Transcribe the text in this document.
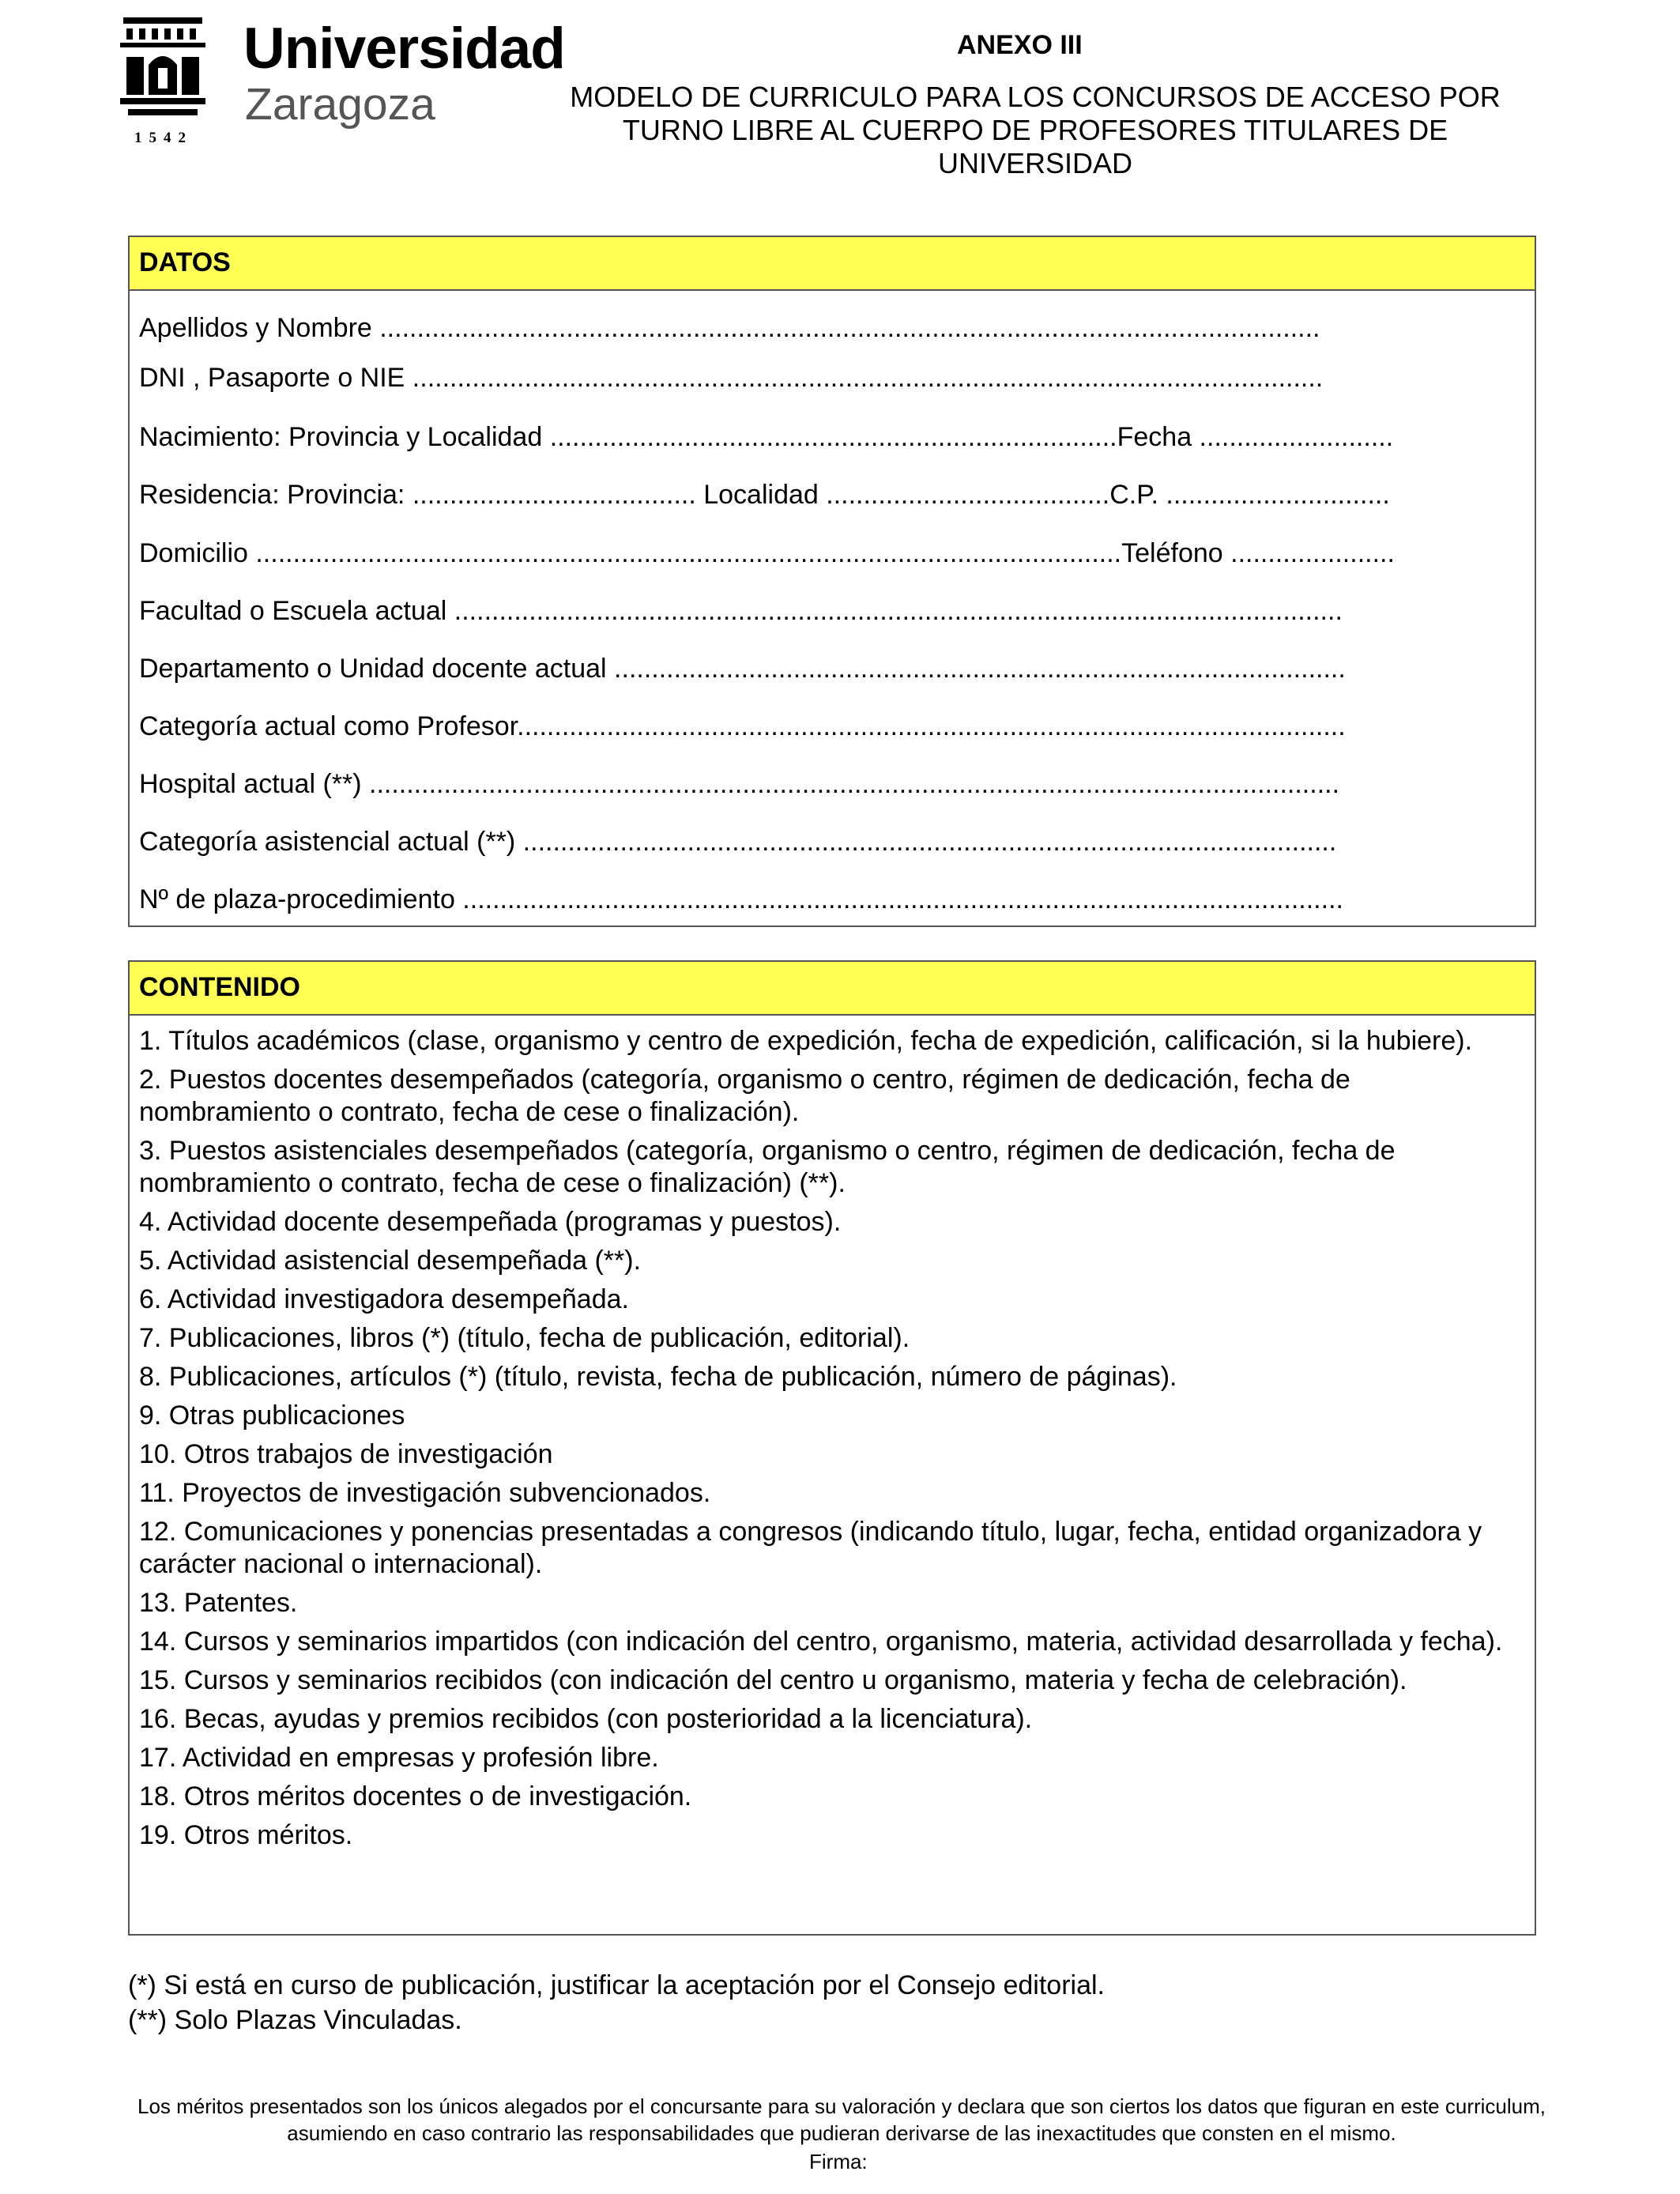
1542
Universidad
Zaragoza
ANEXO III
MODELO DE CURRICULO PARA LOS CONCURSOS DE ACCESO POR
TURNO LIBRE AL CUERPO DE PROFESORES TITULARES DE
UNIVERSIDAD
DATOS
Apellidos y Nombre ..............................................................................................................................
DNI , Pasaporte o NIE ..........................................................................................................................
Nacimiento: Provincia y Localidad ............................................................................Fecha ..........................
Residencia: Provincia: ...................................... Localidad ......................................C.P. ..............................
Domicilio ....................................................................................................................Teléfono ......................
Facultad o Escuela actual .......................................................................................................................
Departamento o Unidad docente actual ..................................................................................................
Categoría actual como Profesor...............................................................................................................
Hospital actual (**) ..................................................................................................................................
Categoría asistencial actual (**) .............................................................................................................
Nº de plaza-procedimiento ......................................................................................................................
CONTENIDO
1. Títulos académicos (clase, organismo y centro de expedición, fecha de expedición, calificación, si la hubiere).
2. Puestos docentes desempeñados (categoría, organismo o centro, régimen de dedicación, fecha de nombramiento o contrato, fecha de cese o finalización).
3. Puestos asistenciales desempeñados (categoría, organismo o centro, régimen de dedicación, fecha de nombramiento o contrato, fecha de cese o finalización) (**).
4. Actividad docente desempeñada (programas y puestos).
5. Actividad asistencial desempeñada (**).
6. Actividad investigadora desempeñada.
7. Publicaciones, libros (*) (título, fecha de publicación, editorial).
8. Publicaciones, artículos (*) (título, revista, fecha de publicación, número de páginas).
9. Otras publicaciones
10. Otros trabajos de investigación
11. Proyectos de investigación subvencionados.
12. Comunicaciones y ponencias presentadas a congresos (indicando título, lugar, fecha, entidad organizadora y carácter nacional o internacional).
13. Patentes.
14. Cursos y seminarios impartidos (con indicación del centro, organismo, materia, actividad desarrollada y fecha).
15. Cursos y seminarios recibidos (con indicación del centro u organismo, materia y fecha de celebración).
16. Becas, ayudas y premios recibidos (con posterioridad a la licenciatura).
17. Actividad en empresas y profesión libre.
18. Otros méritos docentes o de investigación.
19. Otros méritos.
(*) Si está en curso de publicación, justificar la aceptación por el Consejo editorial.
(**) Solo Plazas Vinculadas.
Los méritos presentados son los únicos alegados por el concursante para su valoración y declara que son ciertos los datos que figuran en este curriculum, asumiendo en caso contrario las responsabilidades que pudieran derivarse de las inexactitudes que consten en el mismo.
Firma:
